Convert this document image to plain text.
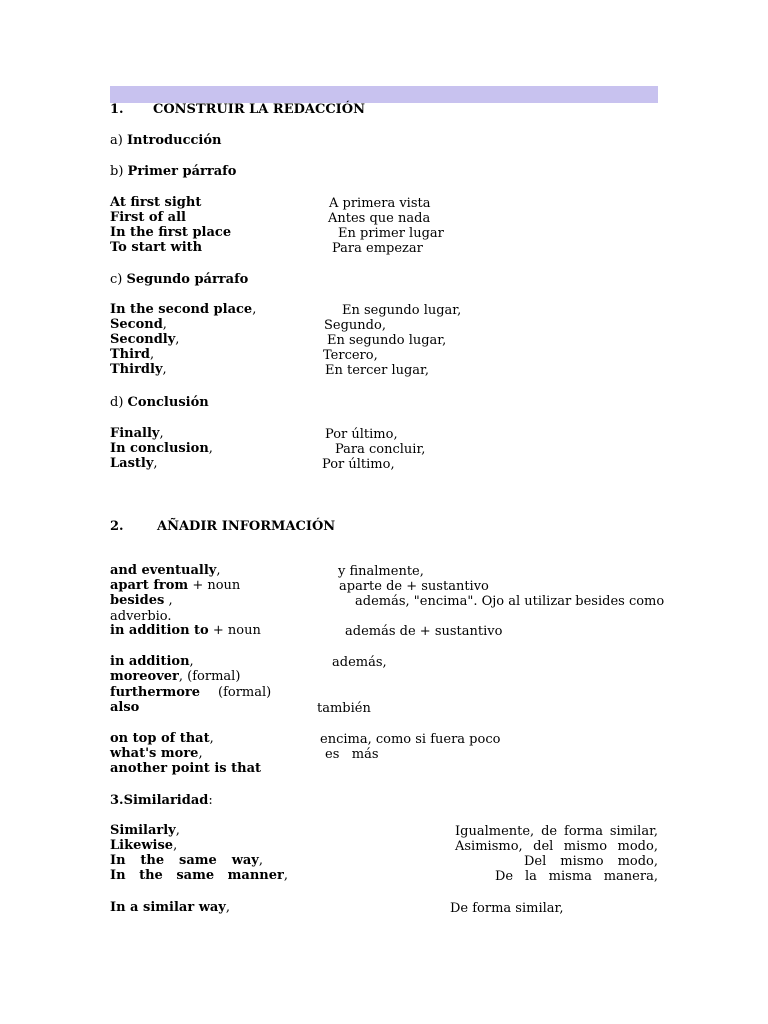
1. CONSTRUIR LA REDACCIÓN
a) Introducción
b) Primer párrafo
At first sight	A primera vista
First of all	Antes que nada
In the first place	En primer lugar
To start with	Para empezar
c) Segundo párrafo
In the second place,	En segundo lugar,
Second,	Segundo,
Secondly,	En segundo lugar,
Third,	Tercero,
Thirdly,	En tercer lugar,
d) Conclusión
Finally,	Por último,
In conclusion,	Para concluir,
Lastly,	Por último,
2.	AÑADIR INFORMACIÓN
and eventually,	y finalmente,
apart from + noun	aparte de + sustantivo
besides ,	además, "encima". Ojo al utilizar besides como
adverbio.
in addition to + noun	además de + sustantivo
in addition,	además,
moreover, (formal)
furthermore (formal)
also	también
on top of that,	encima, como si fuera poco
what's more,	es   más
another point is that
3.Similaridad:
Similarly,	Igualmente, de forma similar,
Likewise,	Asimismo, del mismo modo,
In the same way,	Del mismo modo,
In the same manner,	De la misma manera,
In a similar way,	De forma similar,
